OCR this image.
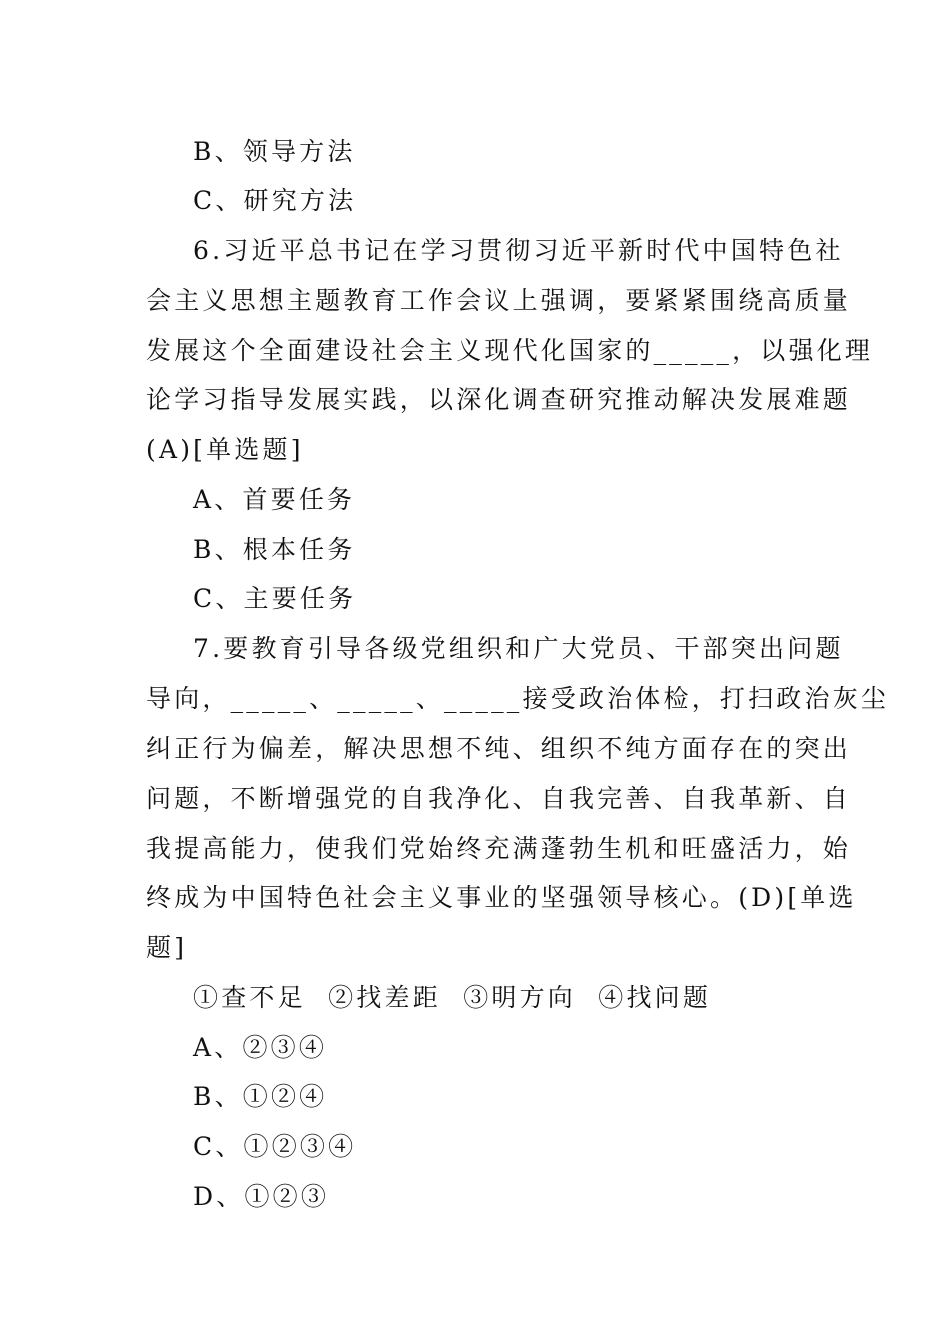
B、领导方法
C、研究方法
6.习近平总书记在学习贯彻习近平新时代中国特色社
会主义思想主题教育工作会议上强调，要紧紧围绕高质量
发展这个全面建设社会主义现代化国家的_____，以强化理
论学习指导发展实践，以深化调查研究推动解决发展难题
(A)[单选题]
A、首要任务
B、根本任务
C、主要任务
7.要教育引导各级党组织和广大党员、干部突出问题
导向，_____、_____、_____接受政治体检，打扫政治灰尘
纠正行为偏差，解决思想不纯、组织不纯方面存在的突出
问题，不断增强党的自我净化、自我完善、自我革新、自
我提高能力，使我们党始终充满蓬勃生机和旺盛活力，始
终成为中国特色社会主义事业的坚强领导核心。(D)[单选
题]
①查不足  ②找差距  ③明方向  ④找问题
A、②③④
B、①②④
C、①②③④
D、①②③
